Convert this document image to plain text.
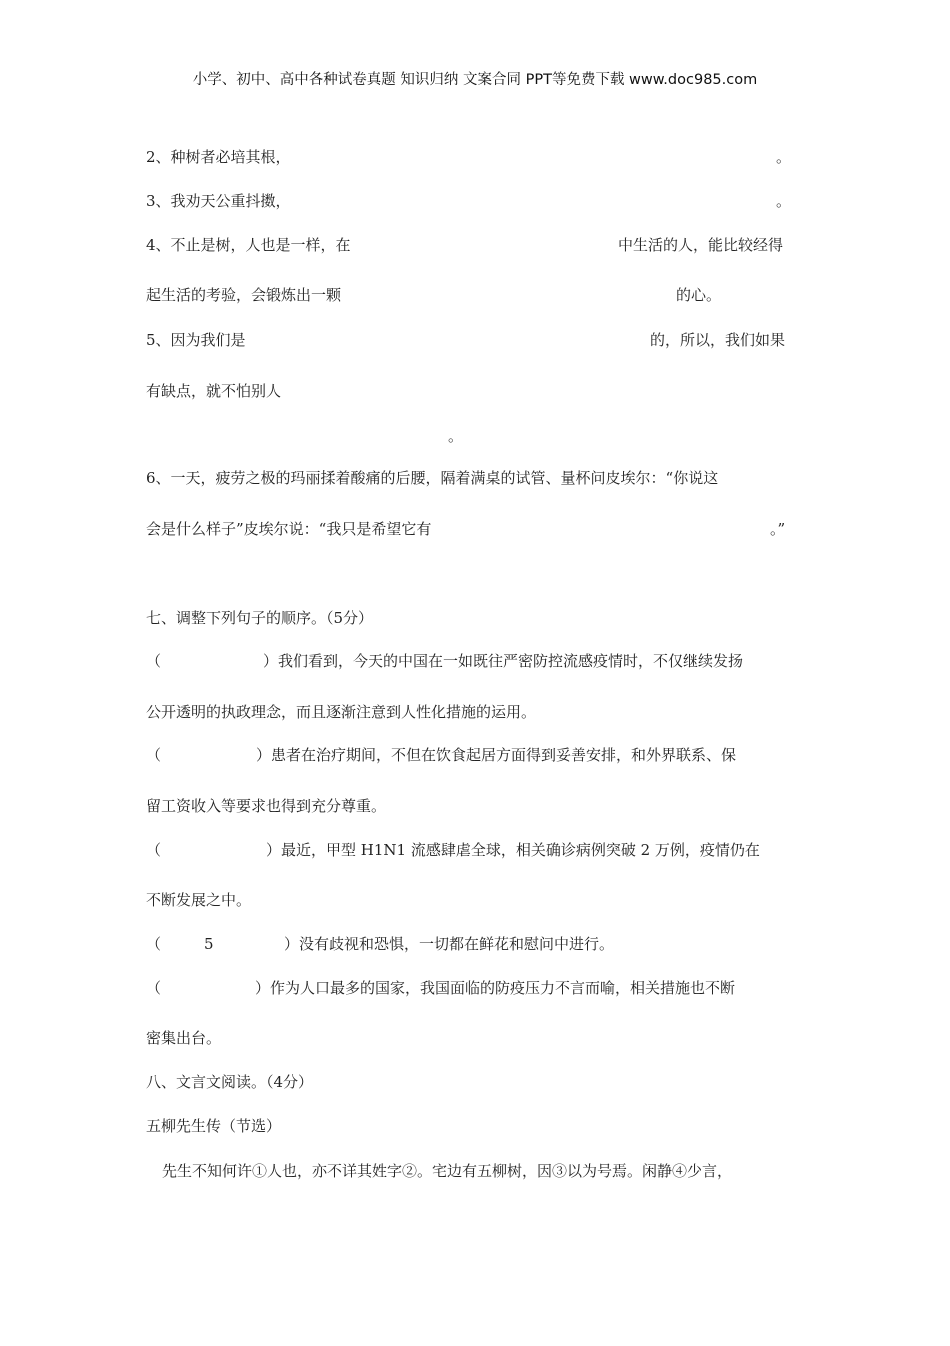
小学、初中、高中各种试卷真题 知识归纳 文案合同 PPT等免费下载 www.doc985.com
2、种树者必培其根，	。
3、我劝天公重抖擞，	。
4、不止是树，人也是一样，在	中生活的人，能比较经得
起生活的考验，会锻炼出一颗	的心。
5、因为我们是	的，所以，我们如果
有缺点，就不怕别人
。
6、一天，疲劳之极的玛丽揉着酸痛的后腰，隔着满桌的试管、量杯问皮埃尔：“你说这
会是什么样子”皮埃尔说：“我只是希望它有	。”
七、调整下列句子的顺序。（5分）
（	）我们看到，今天的中国在一如既往严密防控流感疫情时，不仅继续发扬
公开透明的执政理念，而且逐渐注意到人性化措施的运用。
（	）患者在治疗期间，不但在饮食起居方面得到妥善安排，和外界联系、保
留工资收入等要求也得到充分尊重。
（	）最近，甲型 H1N1 流感肆虐全球，相关确诊病例突破 2 万例，疫情仍在
不断发展之中。
（	5	）没有歧视和恐惧，一切都在鲜花和慰问中进行。
（	）作为人口最多的国家，我国面临的防疫压力不言而喻，相关措施也不断
密集出台。
八、文言文阅读。（4分）
五柳先生传（节选）
先生不知何许①人也，亦不详其姓字②。宅边有五柳树，因③以为号焉。闲静④少言，
